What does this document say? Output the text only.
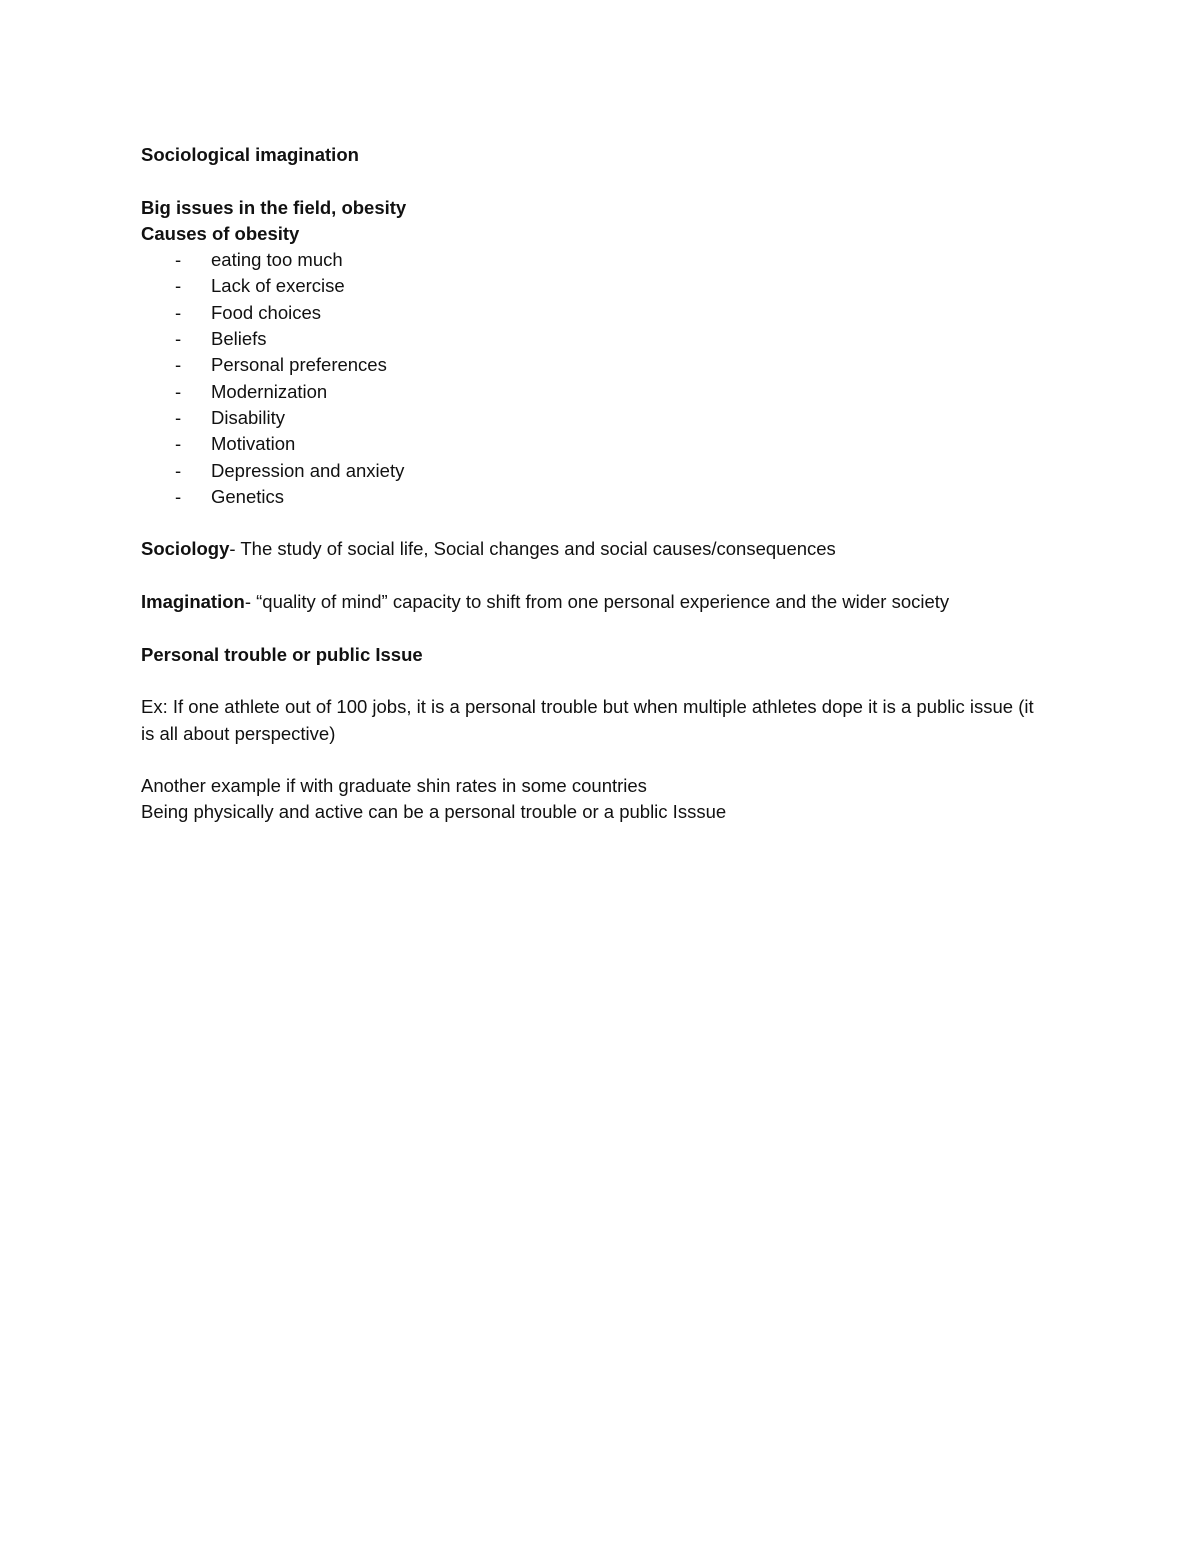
Sociological imagination

Big issues in the field, obesity

Causes of obesity

- eating too much
- Lack of exercise
- Food choices
- Beliefs
- Personal preferences
- Modernization
- Disability
- Motivation
- Depression and anxiety
- Genetics

Sociology- The study of social life, Social changes and social causes/consequences

Imagination- “quality of mind” capacity to shift from one personal experience and the wider society

Personal trouble or public Issue

Ex: If one athlete out of 100 jobs, it is a personal trouble but when multiple athletes dope it is a public issue (it is all about perspective)

Another example if with graduate shin rates in some countries

Being physically and active can be a personal trouble or a public Isssue
